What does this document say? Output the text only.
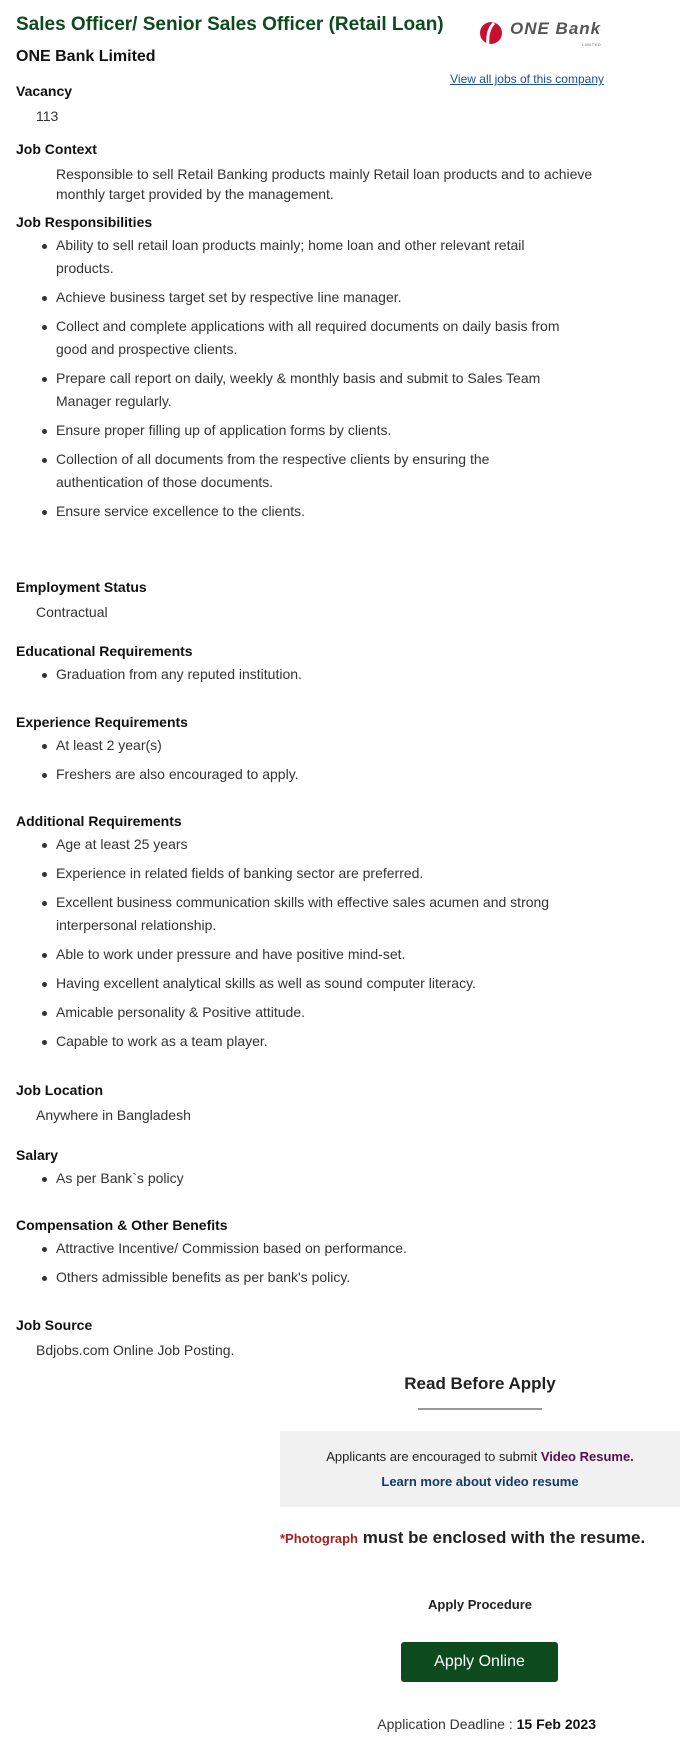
Sales Officer/ Senior Sales Officer (Retail Loan)
ONE Bank Limited
ONE Bank
LIMITED
View all jobs of this company
Vacancy
113
Job Context
Responsible to sell Retail Banking products mainly Retail loan products and to achieve monthly target provided by the management.
Job Responsibilities
Ability to sell retail loan products mainly; home loan and other relevant retail products.
Achieve business target set by respective line manager.
Collect and complete applications with all required documents on daily basis from good and prospective clients.
Prepare call report on daily, weekly & monthly basis and submit to Sales Team Manager regularly.
Ensure proper filling up of application forms by clients.
Collection of all documents from the respective clients by ensuring the authentication of those documents.
Ensure service excellence to the clients.
Employment Status
Contractual
Educational Requirements
Graduation from any reputed institution.
Experience Requirements
At least 2 year(s)
Freshers are also encouraged to apply.
Additional Requirements
Age at least 25 years
Experience in related fields of banking sector are preferred.
Excellent business communication skills with effective sales acumen and strong interpersonal relationship.
Able to work under pressure and have positive mind-set.
Having excellent analytical skills as well as sound computer literacy.
Amicable personality & Positive attitude.
Capable to work as a team player.
Job Location
Anywhere in Bangladesh
Salary
As per Bank`s policy
Compensation & Other Benefits
Attractive Incentive/ Commission based on performance.
Others admissible benefits as per bank's policy.
Job Source
Bdjobs.com Online Job Posting.
Read Before Apply
Applicants are encouraged to submit Video Resume.
Learn more about video resume
*Photograph must be enclosed with the resume.
Apply Procedure
Apply Online
Application Deadline : 15 Feb 2023
